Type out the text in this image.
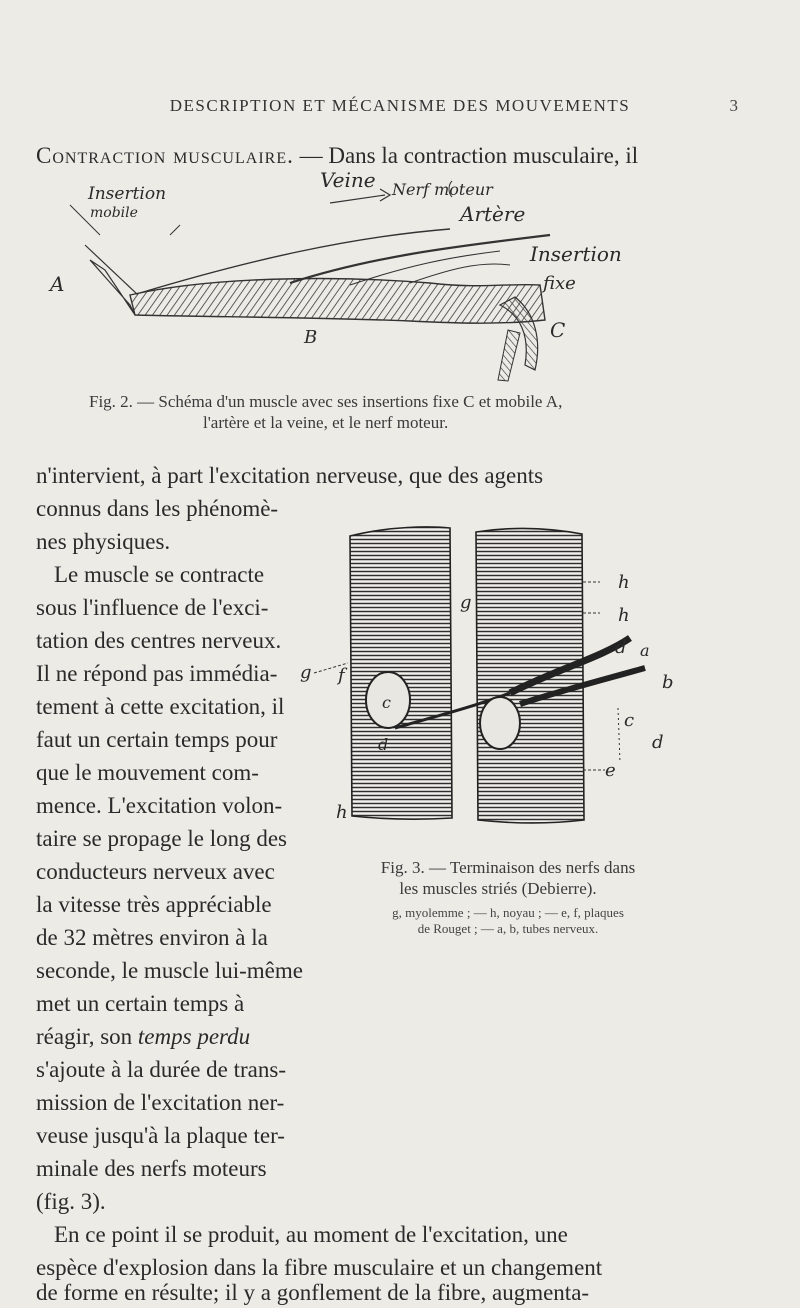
DESCRIPTION ET MÉCANISME DES MOUVEMENTS	3
Contraction musculaire. — Dans la contraction musculaire, il
Insertion
mobile
Veine Nerf moteur
Artère
Insertion
fixe
A
B	C
Fig. 2. — Schéma d'un muscle avec ses insertions fixe C et mobile A,
l'artère et la veine, et le nerf moteur.
n'intervient, à part l'excitation nerveuse, que des agents
connus dans les phénomè-
nes physiques.
Le muscle se contracte
sous l'influence de l'exci-
tation des centres nerveux.
Il ne répond pas immédia-
tement à cette excitation, il
faut un certain temps pour
que le mouvement com-
mence. L'excitation volon-
taire se propage le long des
conducteurs nerveux avec
la vitesse très appréciable
de 32 mètres environ à la
seconde, le muscle lui-même
met un certain temps à
réagir, son temps perdu
s'ajoute à la durée de trans-
mission de l'excitation ner-
veuse jusqu'à la plaque ter-
minale des nerfs moteurs
(fig. 3).
En ce point il se produit, au moment de l'excitation, une
espèce d'explosion dans la fibre musculaire et un changement
de forme en résulte; il y a gonflement de la fibre, augmenta-
h
h
g
g
d a
b
c
d
f
c
d
e
h
Fig. 3. — Terminaison des nerfs dans
les muscles striés (Debierre).
g, myolemme ; — h, noyau ; — e, f, plaques
de Rouget ; — a, b, tubes nerveux.
